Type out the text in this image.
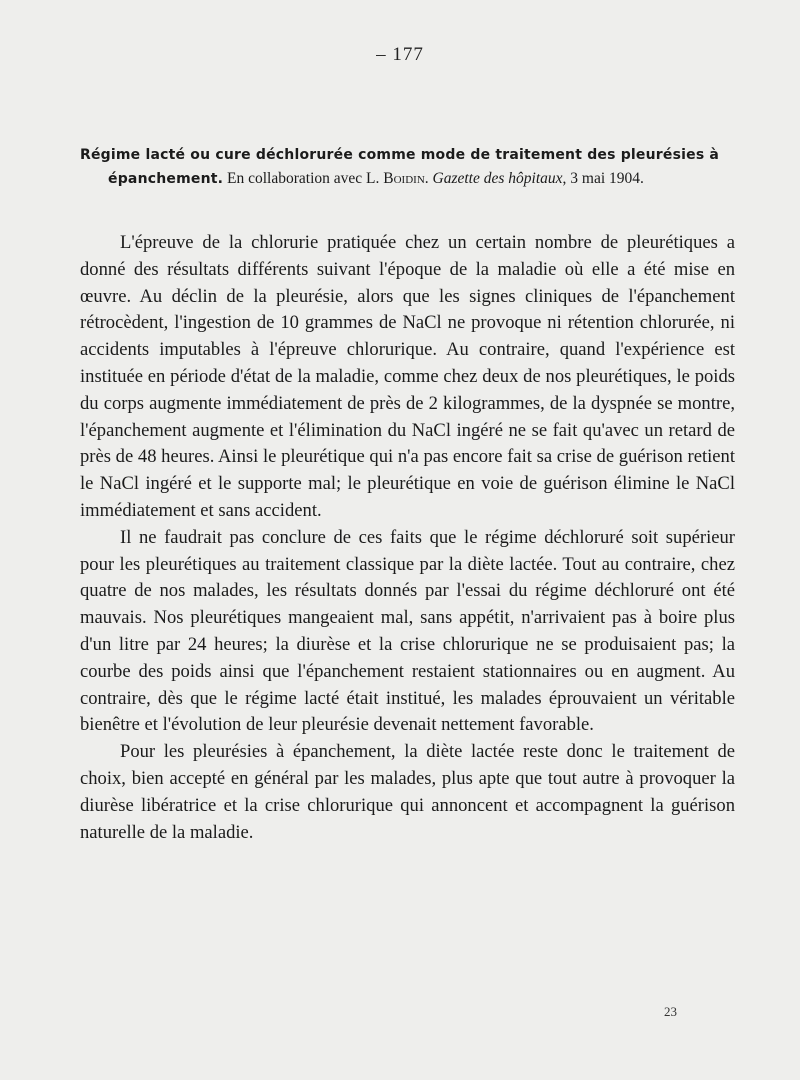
– 177
Régime lacté ou cure déchlorurée comme mode de traitement des pleurésies à
épanchement. En collaboration avec L. Boidin. Gazette des hôpitaux, 3 mai 1904.

L'épreuve de la chlorurie pratiquée chez un certain nombre de pleurétiques a donné des résultats différents suivant l'époque de la maladie où elle a été mise en œuvre. Au déclin de la pleurésie, alors que les signes cliniques de l'épanchement rétrocèdent, l'ingestion de 10 grammes de NaCl ne provoque ni rétention chlorurée, ni accidents imputables à l'épreuve chlorurique. Au contraire, quand l'expérience est instituée en période d'état de la maladie, comme chez deux de nos pleurétiques, le poids du corps augmente immédiatement de près de 2 kilogrammes, de la dyspnée se montre, l'épanchement augmente et l'élimination du NaCl ingéré ne se fait qu'avec un retard de près de 48 heures. Ainsi le pleurétique qui n'a pas encore fait sa crise de guérison retient le NaCl ingéré et le supporte mal; le pleurétique en voie de guérison élimine le NaCl immédiatement et sans accident.

Il ne faudrait pas conclure de ces faits que le régime déchloruré soit supérieur pour les pleurétiques au traitement classique par la diète lactée. Tout au contraire, chez quatre de nos malades, les résultats donnés par l'essai du régime déchloruré ont été mauvais. Nos pleurétiques mangeaient mal, sans appétit, n'arrivaient pas à boire plus d'un litre par 24 heures; la diurèse et la crise chlorurique ne se produisaient pas; la courbe des poids ainsi que l'épanchement restaient stationnaires ou en augment. Au contraire, dès que le régime lacté était institué, les malades éprouvaient un véritable bienêtre et l'évolution de leur pleurésie devenait nettement favorable.

Pour les pleurésies à épanchement, la diète lactée reste donc le traitement de choix, bien accepté en général par les malades, plus apte que tout autre à provoquer la diurèse libératrice et la crise chlorurique qui annoncent et accompagnent la guérison naturelle de la maladie.

23
